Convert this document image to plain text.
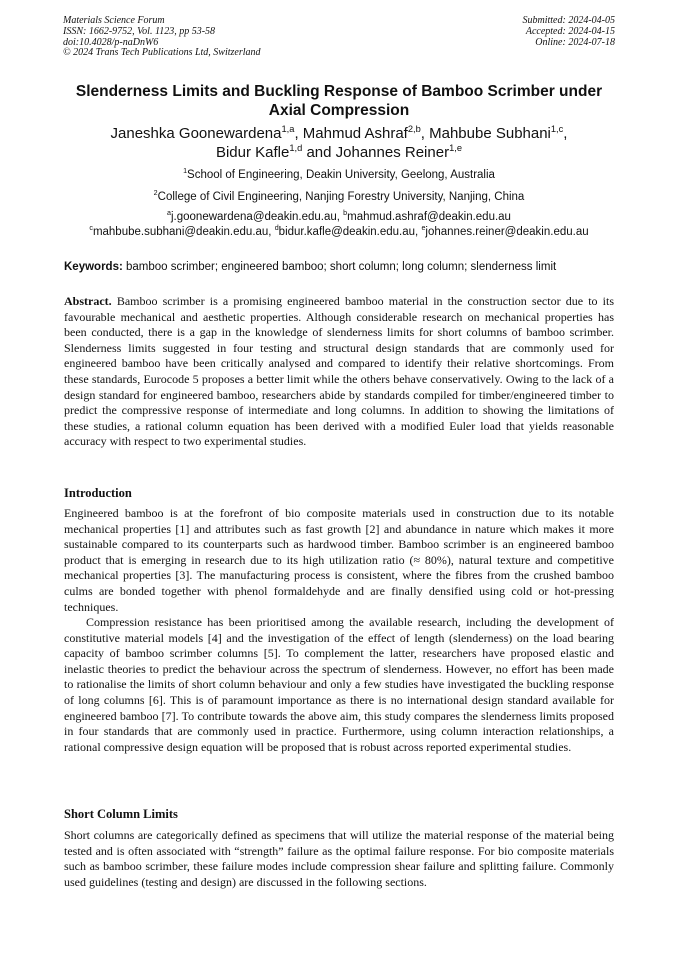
Materials Science Forum
ISSN: 1662-9752, Vol. 1123, pp 53-58
doi:10.4028/p-naDnW6
© 2024 Trans Tech Publications Ltd, Switzerland
Submitted: 2024-04-05
Accepted: 2024-04-15
Online: 2024-07-18
Slenderness Limits and Buckling Response of Bamboo Scrimber under Axial Compression
Janeshka Goonewardena$^{1,a}$, Mahmud Ashraf$^{2,b}$, Mahbube Subhani$^{1,c}$,
Bidur Kafle$^{1,d}$ and Johannes Reiner$^{1,e}$
$^1$School of Engineering, Deakin University, Geelong, Australia
$^2$College of Civil Engineering, Nanjing Forestry University, Nanjing, China
$^a$j.goonewardena@deakin.edu.au, $^b$mahmud.ashraf@deakin.edu.au
$^c$mahbube.subhani@deakin.edu.au, $^d$bidur.kafle@deakin.edu.au, $^e$johannes.reiner@deakin.edu.au
Keywords: bamboo scrimber; engineered bamboo; short column; long column; slenderness limit
Abstract. Bamboo scrimber is a promising engineered bamboo material in the construction sector due to its favourable mechanical and aesthetic properties. Although considerable research on mechanical properties has been conducted, there is a gap in the knowledge of slenderness limits for short columns of bamboo scrimber. Slenderness limits suggested in four testing and structural design standards that are commonly used for engineered bamboo have been critically analysed and compared to identify their relative shortcomings. From these standards, Eurocode 5 proposes a better limit while the others behave conservatively. Owing to the lack of a design standard for engineered bamboo, researchers abide by standards compiled for timber/engineered timber to predict the compressive response of intermediate and long columns. In addition to showing the limitations of these studies, a rational column equation has been derived with a modified Euler load that yields reasonable accuracy with respect to two experimental studies.
Introduction
Engineered bamboo is at the forefront of bio composite materials used in construction due to its notable mechanical properties [1] and attributes such as fast growth [2] and abundance in nature which makes it more sustainable compared to its counterparts such as hardwood timber. Bamboo scrimber is an engineered bamboo product that is emerging in research due to its high utilization ratio (≈ 80%), natural texture and competitive mechanical properties [3]. The manufacturing process is consistent, where the fibres from the crushed bamboo culms are bonded together with phenol formaldehyde and are finally densified using cold or hot-pressing techniques.
Compression resistance has been prioritised among the available research, including the development of constitutive material models [4] and the investigation of the effect of length (slenderness) on the load bearing capacity of bamboo scrimber columns [5]. To complement the latter, researchers have proposed elastic and inelastic theories to predict the behaviour across the spectrum of slenderness. However, no effort has been made to rationalise the limits of short column behaviour and only a few studies have investigated the buckling response of long columns [6]. This is of paramount importance as there is no international design standard available for engineered bamboo [7]. To contribute towards the above aim, this study compares the slenderness limits proposed in four standards that are commonly used in practice. Furthermore, using column interaction relationships, a rational compressive design equation will be proposed that is robust across reported experimental studies.
Short Column Limits
Short columns are categorically defined as specimens that will utilize the material response of the material being tested and is often associated with “strength” failure as the optimal failure response. For bio composite materials such as bamboo scrimber, these failure modes include compression shear failure and splitting failure. Commonly used guidelines (testing and design) are discussed in the following sections.
